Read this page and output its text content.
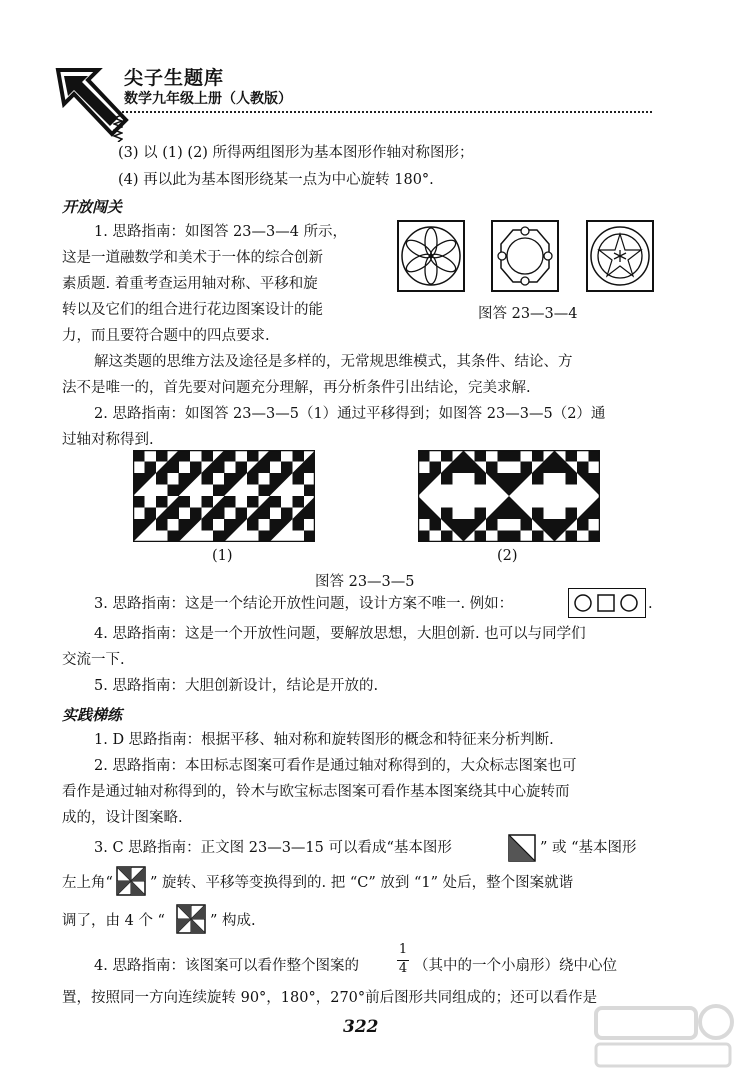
尖子生题库
数学九年级上册（人教版）
(3) 以 (1) (2) 所得两组图形为基本图形作轴对称图形；
(4) 再以此为基本图形绕某一点为中心旋转 180°.
开放闯关
1. 思路指南：如图答 23—3—4 所示，
这是一道融数学和美术于一体的综合创新
素质题. 着重考查运用轴对称、平移和旋
转以及它们的组合进行花边图案设计的能
力，而且要符合题中的四点要求.
图答 23—3—4
解这类题的思维方法及途径是多样的，无常规思维模式，其条件、结论、方
法不是唯一的，首先要对问题充分理解，再分析条件引出结论，完美求解.
2. 思路指南：如图答 23—3—5（1）通过平移得到；如图答 23—3—5（2）通
过轴对称得到.
(1)	(2)
图答 23—3—5
3. 思路指南：这是一个结论开放性问题，设计方案不唯一. 例如：	.
4. 思路指南：这是一个开放性问题，要解放思想，大胆创新. 也可以与同学们
交流一下.
5. 思路指南：大胆创新设计，结论是开放的.
实践梯练
1. D 思路指南：根据平移、轴对称和旋转图形的概念和特征来分析判断.
2. 思路指南：本田标志图案可看作是通过轴对称得到的，大众标志图案也可
看作是通过轴对称得到的，铃木与欧宝标志图案可看作基本图案绕其中心旋转而
成的，设计图案略.
3. C 思路指南：正文图 23—3—15 可以看成“基本图形	” 或 “基本图形
左上角“	” 旋转、平移等变换得到的. 把 “C” 放到 “1” 处后，整个图案就谐
调了，由 4 个 “	” 构成.
4. 思路指南：该图案可以看作整个图案的
1
4 （其中的一个小扇形）绕中心位
置，按照同一方向连续旋转 90°，180°，270°前后图形共同组成的；还可以看作是
322
